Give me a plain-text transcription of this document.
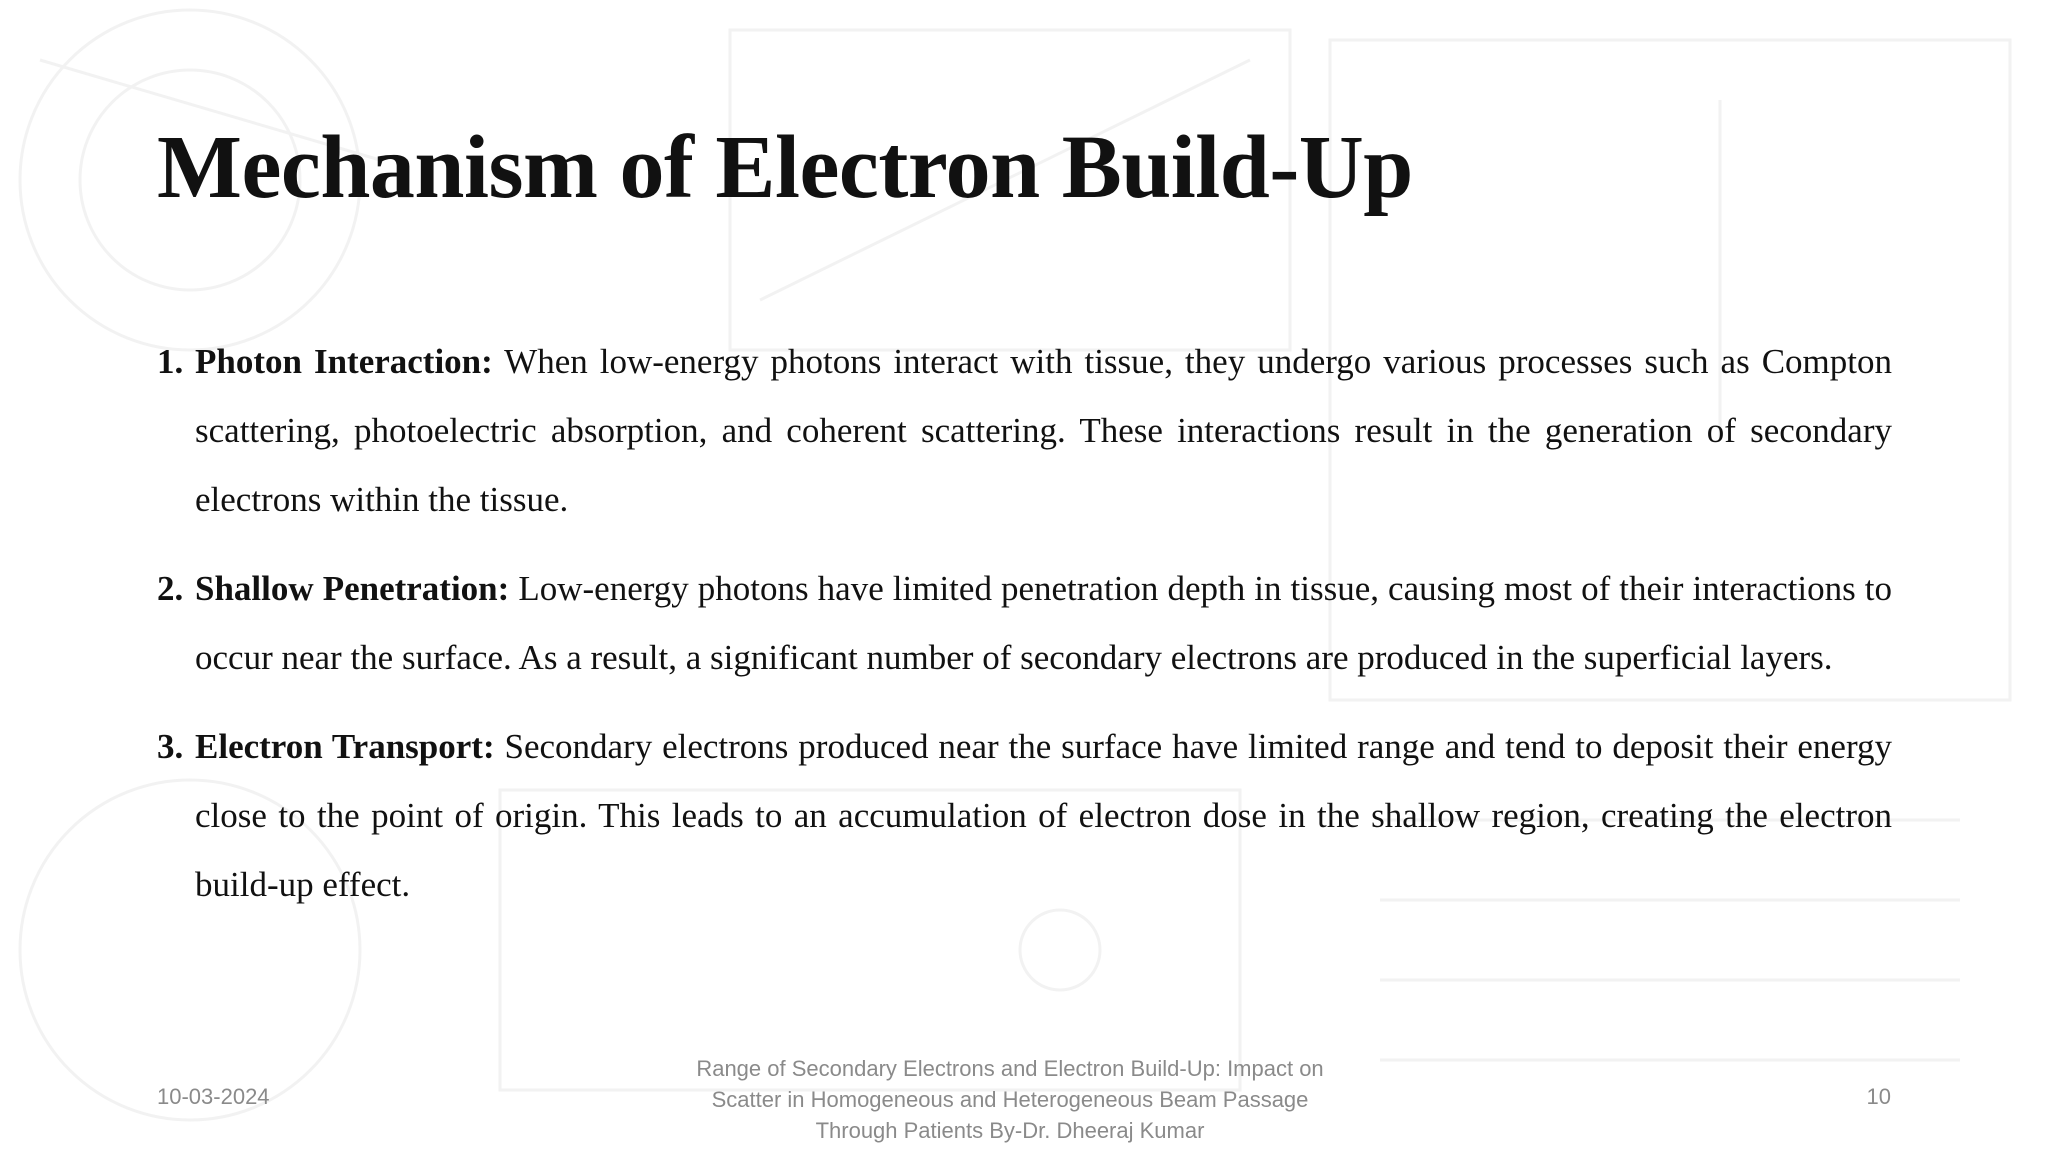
Mechanism of Electron Build-Up
1. Photon Interaction: When low-energy photons interact with tissue, they undergo various processes such as Compton scattering, photoelectric absorption, and coherent scattering. These interactions result in the generation of secondary electrons within the tissue.
2. Shallow Penetration: Low-energy photons have limited penetration depth in tissue, causing most of their interactions to occur near the surface. As a result, a significant number of secondary electrons are produced in the superficial layers.
3. Electron Transport: Secondary electrons produced near the surface have limited range and tend to deposit their energy close to the point of origin. This leads to an accumulation of electron dose in the shallow region, creating the electron build-up effect.
10-03-2024
Range of Secondary Electrons and Electron Build-Up: Impact on
Scatter in Homogeneous and Heterogeneous Beam Passage
Through Patients By-Dr. Dheeraj Kumar
10
